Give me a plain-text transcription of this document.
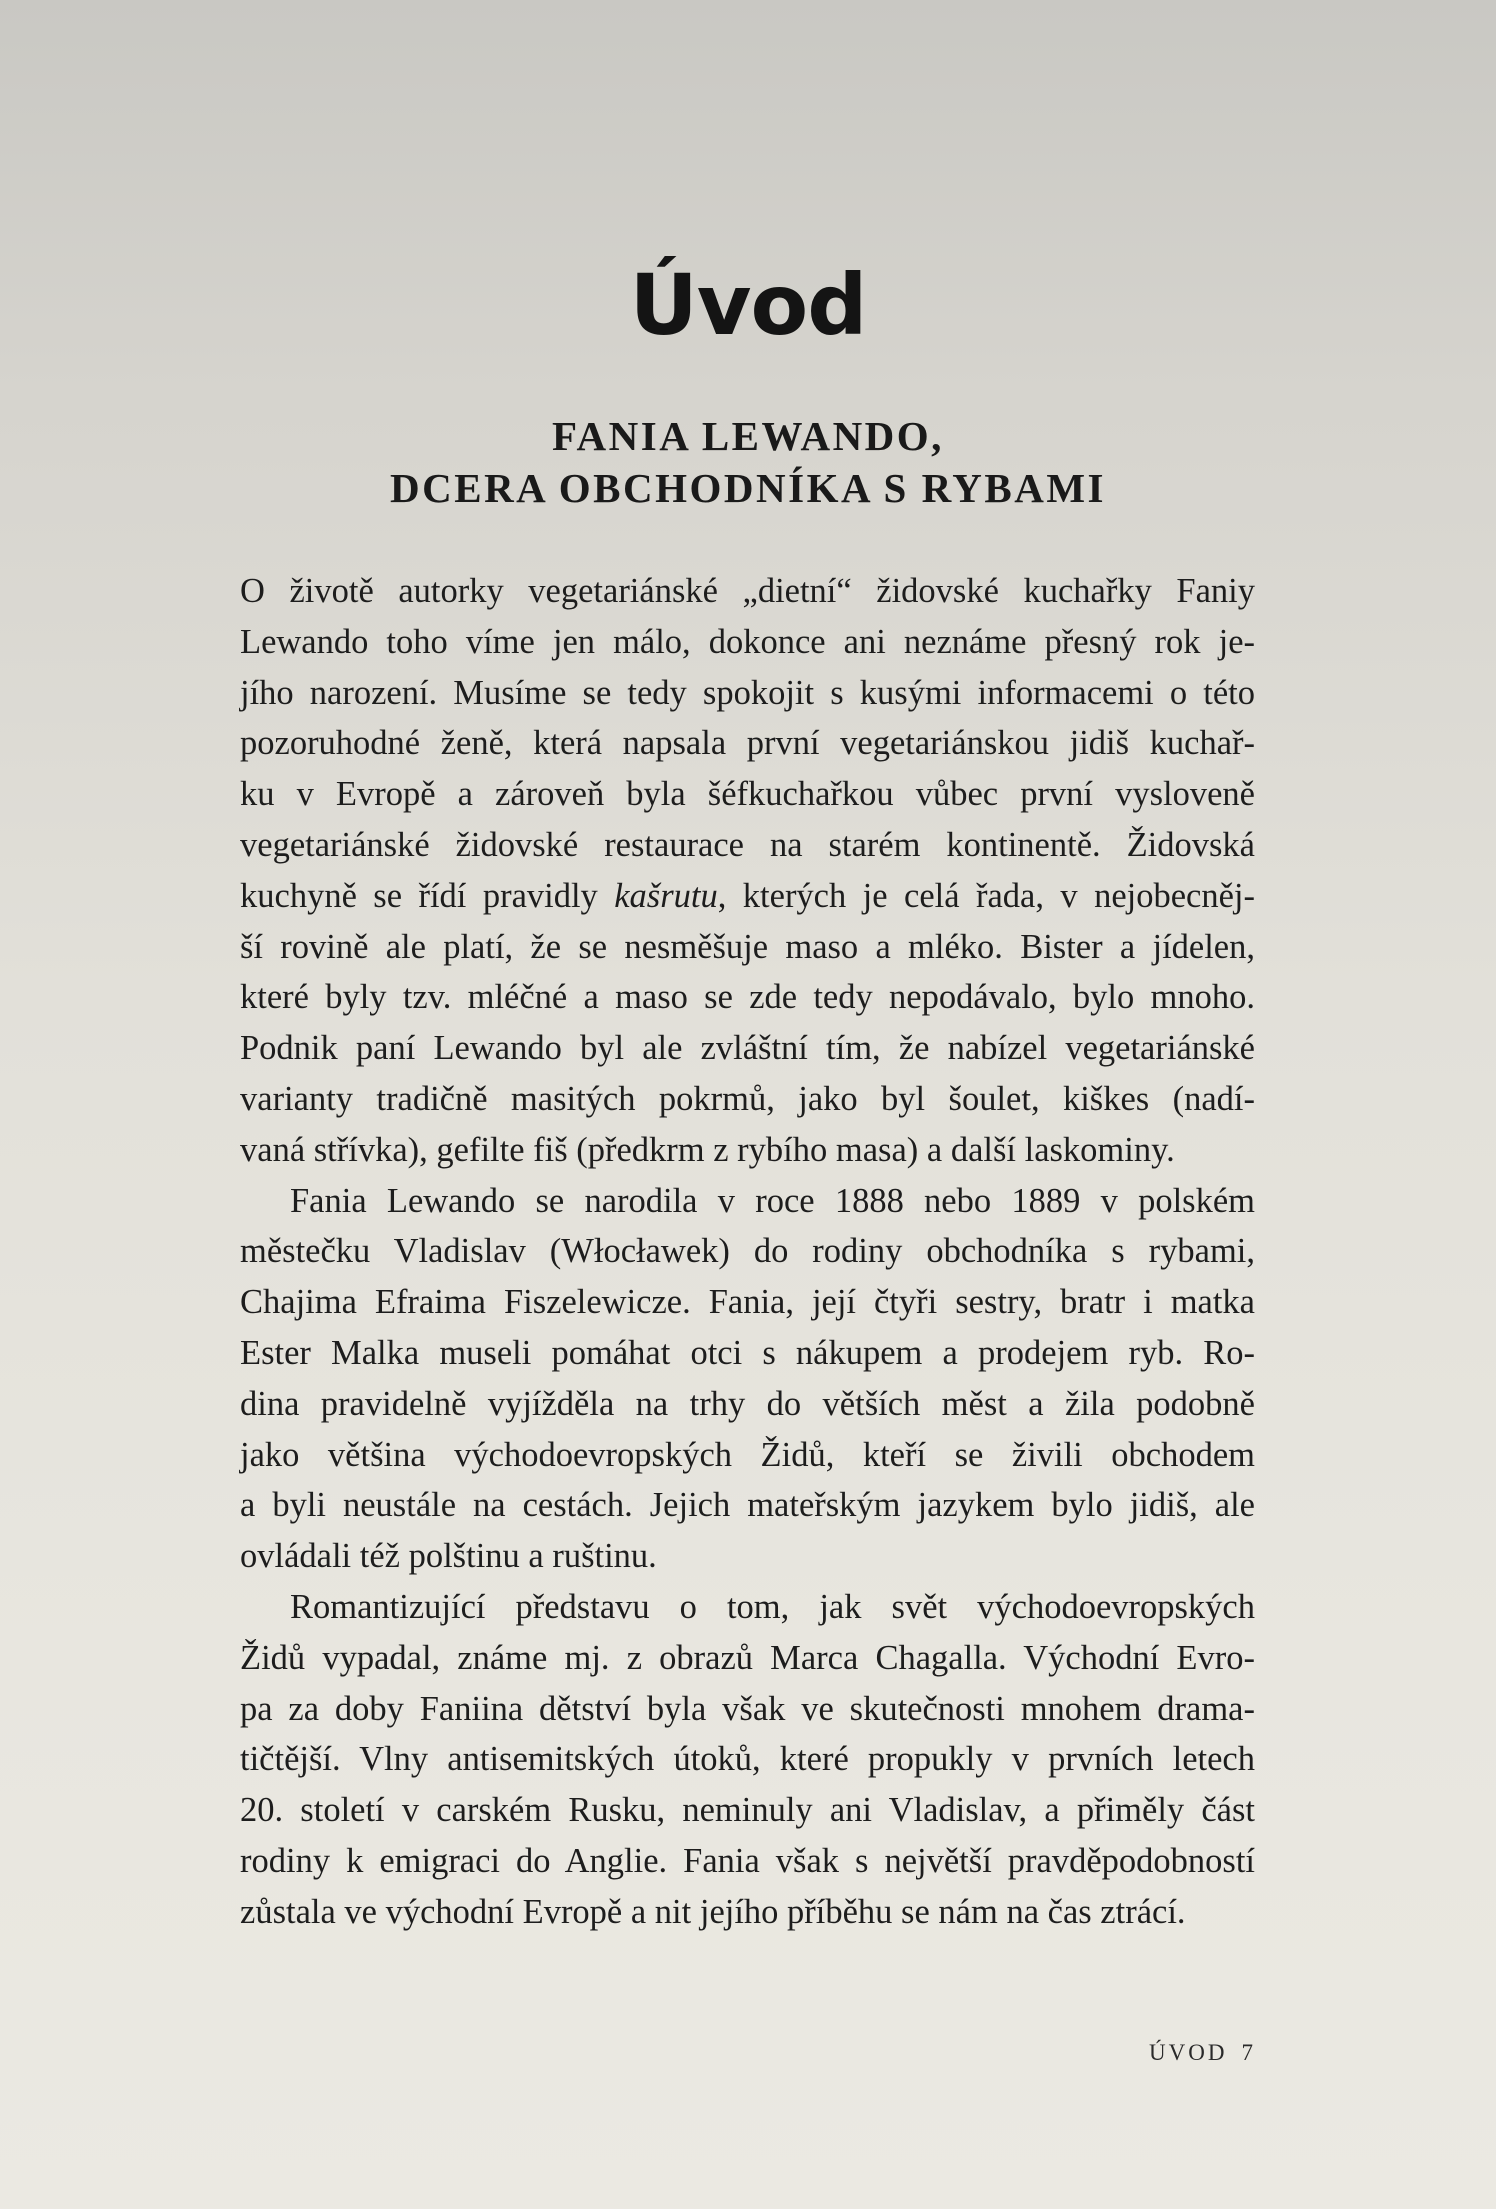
Úvod
FANIA LEWANDO,
DCERA OBCHODNÍKA S RYBAMI

O životě autorky vegetariánské „dietní“ židovské kuchařky Faniy
Lewando toho víme jen málo, dokonce ani neznáme přesný rok je-
jího narození. Musíme se tedy spokojit s kusými informacemi o této
pozoruhodné ženě, která napsala první vegetariánskou jidiš kuchař-
ku v Evropě a zároveň byla šéfkuchařkou vůbec první vysloveně
vegetariánské židovské restaurace na starém kontinentě. Židovská
kuchyně se řídí pravidly kašrutu, kterých je celá řada, v nejobecněj-
ší rovině ale platí, že se nesměšuje maso a mléko. Bister a jídelen,
které byly tzv. mléčné a maso se zde tedy nepodávalo, bylo mnoho.
Podnik paní Lewando byl ale zvláštní tím, že nabízel vegetariánské
varianty tradičně masitých pokrmů, jako byl šoulet, kiškes (nadí-
vaná střívka), gefilte fiš (předkrm z rybího masa) a další laskominy.

Fania Lewando se narodila v roce 1888 nebo 1889 v polském
městečku Vladislav (Włocławek) do rodiny obchodníka s rybami,
Chajima Efraima Fiszelewicze. Fania, její čtyři sestry, bratr i matka
Ester Malka museli pomáhat otci s nákupem a prodejem ryb. Ro-
dina pravidelně vyjížděla na trhy do větších měst a žila podobně
jako většina východoevropských Židů, kteří se živili obchodem
a byli neustále na cestách. Jejich mateřským jazykem bylo jidiš, ale
ovládali též polštinu a ruštinu.

Romantizující představu o tom, jak svět východoevropských
Židů vypadal, známe mj. z obrazů Marca Chagalla. Východní Evro-
pa za doby Faniina dětství byla však ve skutečnosti mnohem drama-
tičtější. Vlny antisemitských útoků, které propukly v prvních letech
20. století v carském Rusku, neminuly ani Vladislav, a přiměly část
rodiny k emigraci do Anglie. Fania však s největší pravděpodobností
zůstala ve východní Evropě a nit jejího příběhu se nám na čas ztrácí.

ÚVOD 7
